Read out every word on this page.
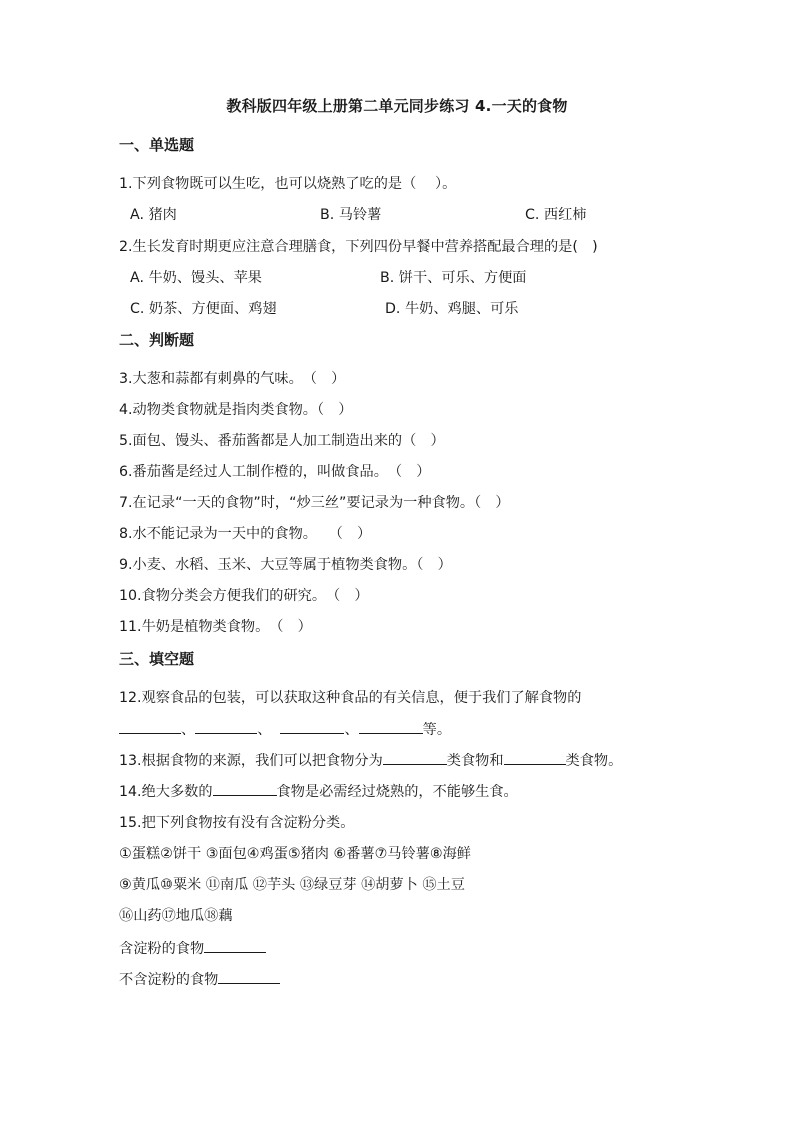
教科版四年级上册第二单元同步练习 4.一天的食物
一、单选题
1.下列食物既可以生吃，也可以烧熟了吃的是（　 ）。
A. 猪肉	B. 马铃薯	C. 西红柿
2.生长发育时期更应注意合理膳食，下列四份早餐中营养搭配最合理的是(　)
A. 牛奶、馒头、苹果	B. 饼干、可乐、方便面
C. 奶茶、方便面、鸡翅	D. 牛奶、鸡腿、可乐
二、判断题
3.大葱和蒜都有刺鼻的气味。　（　）
4.动物类食物就是指肉类食物。（　）
5.面包、馒头、番茄酱都是人加工制造出来的（　）
6.番茄酱是经过人工制作橙的，叫做食品。　（　）
7.在记录“一天的食物”时，“炒三丝”要记录为一种食物。（　）
8.水不能记录为一天中的食物。　 （　）
9.小麦、水稻、玉米、大豆等属于植物类食物。（　）
10.食物分类会方便我们的研究。　（　）
11.牛奶是植物类食物。　（　）
三、填空题
12.观察食品的包装，可以获取这种食品的有关信息，便于我们了解食物的
、	、	、	等。
13.根据食物的来源，我们可以把食物分为	类食物和	类食物。
14.绝大多数的	食物是必需经过烧熟的，不能够生食。
15.把下列食物按有没有含淀粉分类。
①蛋糕②饼干 ③面包④鸡蛋⑤猪肉 ⑥番薯⑦马铃薯⑧海鲜
⑨黄瓜⑩粟米 ⑪南瓜 ⑫芋头 ⑬绿豆芽 ⑭胡萝卜 ⑮土豆
⑯山药⑰地瓜⑱藕
含淀粉的食物
不含淀粉的食物
